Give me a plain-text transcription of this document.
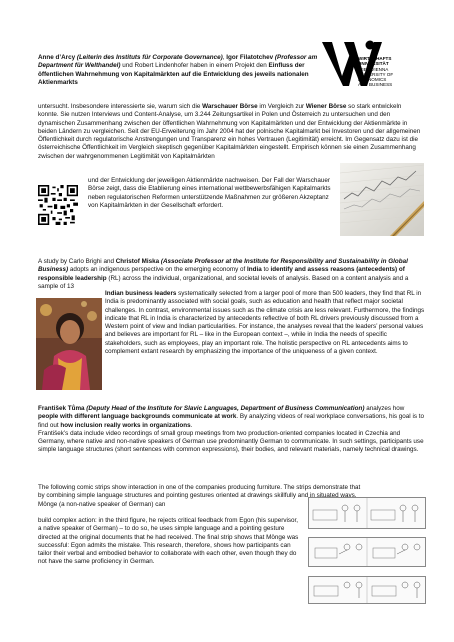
WIRTSCHAFTS
UNIVERSITÄT
WIEN VIENNA
UNIVERSITY OF
ECONOMICS
AND BUSINESS

Anne d’Arcy (Leiterin des Instituts für Corporate Governance), Igor Filatotchev (Professor am Department für Welthandel) und Robert Lindenhofer haben in einem Projekt den Einfluss der öffentlichen Wahrnehmung von Kapitalmärkten auf die Entwicklung des jeweils nationalen Aktienmarkts

untersucht. Insbesondere interessierte sie, warum sich die Warschauer Börse im Vergleich zur Wiener Börse so stark entwickeln konnte. Sie nutzen Interviews und Content-Analyse, um 3.244 Zeitungsartikel in Polen und Österreich zu untersuchen und den dynamischen Zusammenhang zwischen der öffentlichen Wahrnehmung von Kapitalmärkten und der Entwicklung der Aktienmärkte in beiden Ländern zu vergleichen. Seit der EU-Erweiterung im Jahr 2004 hat der polnische Kapitalmarkt bei Investoren und der allgemeinen Öffentlichkeit durch regulatorische Anstrengungen und Transparenz ein hohes Vertrauen (Legitimität) erreicht. Im Gegensatz dazu ist die österreichische Öffentlichkeit im Vergleich skeptisch gegenüber Kapitalmärkten eingestellt. Empirisch können sie einen Zusammenhang zwischen der wahrgenommenen Legitimität von Kapitalmärkten

und der Entwicklung der jeweiligen Aktienmärkte nachweisen. Der Fall der Warschauer Börse zeigt, dass die Etablierung eines international wettbewerbsfähigen Kapitalmarkts neben regulatorischen Reformen unterstützende Maßnahmen zur größeren Akzeptanz von Kapitalmärkten in der Gesellschaft erfordert.

A study by Carlo Brighi and Christof Miska (Associate Professor at the Institute for Responsibility and Sustainability in Global Business) adopts an indigenous perspective on the emerging economy of India to identify and assess reasons (antecedents) of responsible leadership (RL) across the individual, organizational, and societal levels of analysis. Based on a content analysis and a sample of 13

Indian business leaders systematically selected from a larger pool of more than 500 leaders, they find that RL in India is predominantly associated with social goals, such as education and health that reflect major societal challenges. In contrast, environmental issues such as the climate crisis are less relevant. Furthermore, the findings indicate that RL in India is characterized by antecedents reflective of both RL drivers previously discussed from a Western point of view and Indian particularities. For instance, the analyses reveal that the leaders’ personal values and believes are important for RL – like in the European context –, while in India the needs of specific stakeholders, such as employees, play an important role. The holistic perspective on RL antecedents aims to complement extant research by emphasizing the importance of the uniqueness of a given context.

František Tůma (Deputy Head of the Institute for Slavic Languages, Department of Business Communication) analyzes how people with different language backgrounds communicate at work. By analyzing videos of real workplace conversations, his goal is to find out how inclusion really works in organizations.

František’s data include video recordings of small group meetings from two production-oriented companies located in Czechia and Germany, where native and non-native speakers of German use predominantly German to communicate. In such settings, participants use simple language structures (short sentences with common expressions), their bodies, and relevant materials, namely technical drawings.

The following comic strips show interaction in one of the companies producing furniture. The strips demonstrate that by combining simple language structures and pointing gestures oriented at drawings skillfully and in situated ways, Mönge (a non-native speaker of German) can

build complex action: in the third figure, he rejects critical feedback from Egon (his supervisor, a native speaker of German) – to do so, he uses simple language and a pointing gesture directed at the original documents that he had received. The final strip shows that Mönge was successful: Egon admits the mistake. This research, therefore, shows how participants can tailor their verbal and embodied behavior to collaborate with each other, even though they do not have the same proficiency in German.
